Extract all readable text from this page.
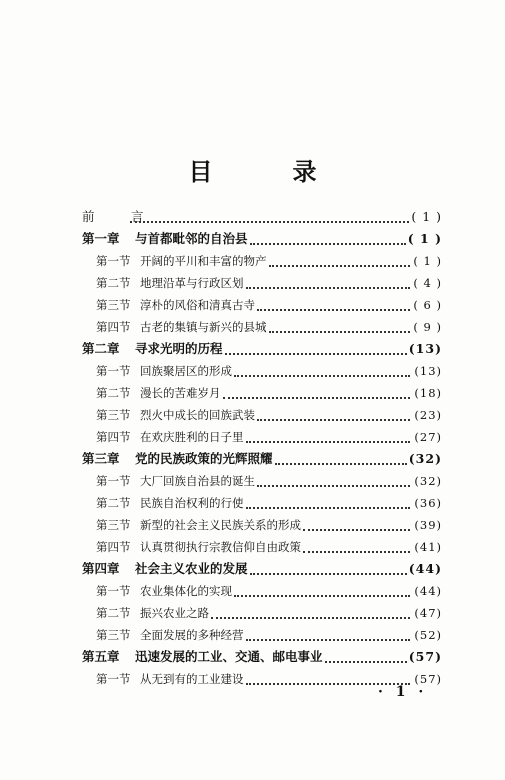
目　录
前　言	( 1 )
第一章	与首都毗邻的自治县	( 1 )
第一节 开阔的平川和丰富的物产	( 1 )
第二节 地理沿革与行政区划	( 4 )
第三节 淳朴的风俗和清真古寺	( 6 )
第四节 古老的集镇与新兴的县城	( 9 )
第二章	寻求光明的历程	(13)
第一节 回族聚居区的形成	(13)
第二节 漫长的苦难岁月	(18)
第三节 烈火中成长的回族武装	(23)
第四节 在欢庆胜利的日子里	(27)
第三章	党的民族政策的光辉照耀	(32)
第一节 大厂回族自治县的诞生	(32)
第二节 民族自治权利的行使	(36)
第三节 新型的社会主义民族关系的形成	(39)
第四节 认真贯彻执行宗教信仰自由政策	(41)
第四章	社会主义农业的发展	(44)
第一节 农业集体化的实现	(44)
第二节 振兴农业之路	(47)
第三节 全面发展的多种经营	(52)
第五章	迅速发展的工业、交通、邮电事业	(57)
第一节 从无到有的工业建设	(57)
· 1 ·
